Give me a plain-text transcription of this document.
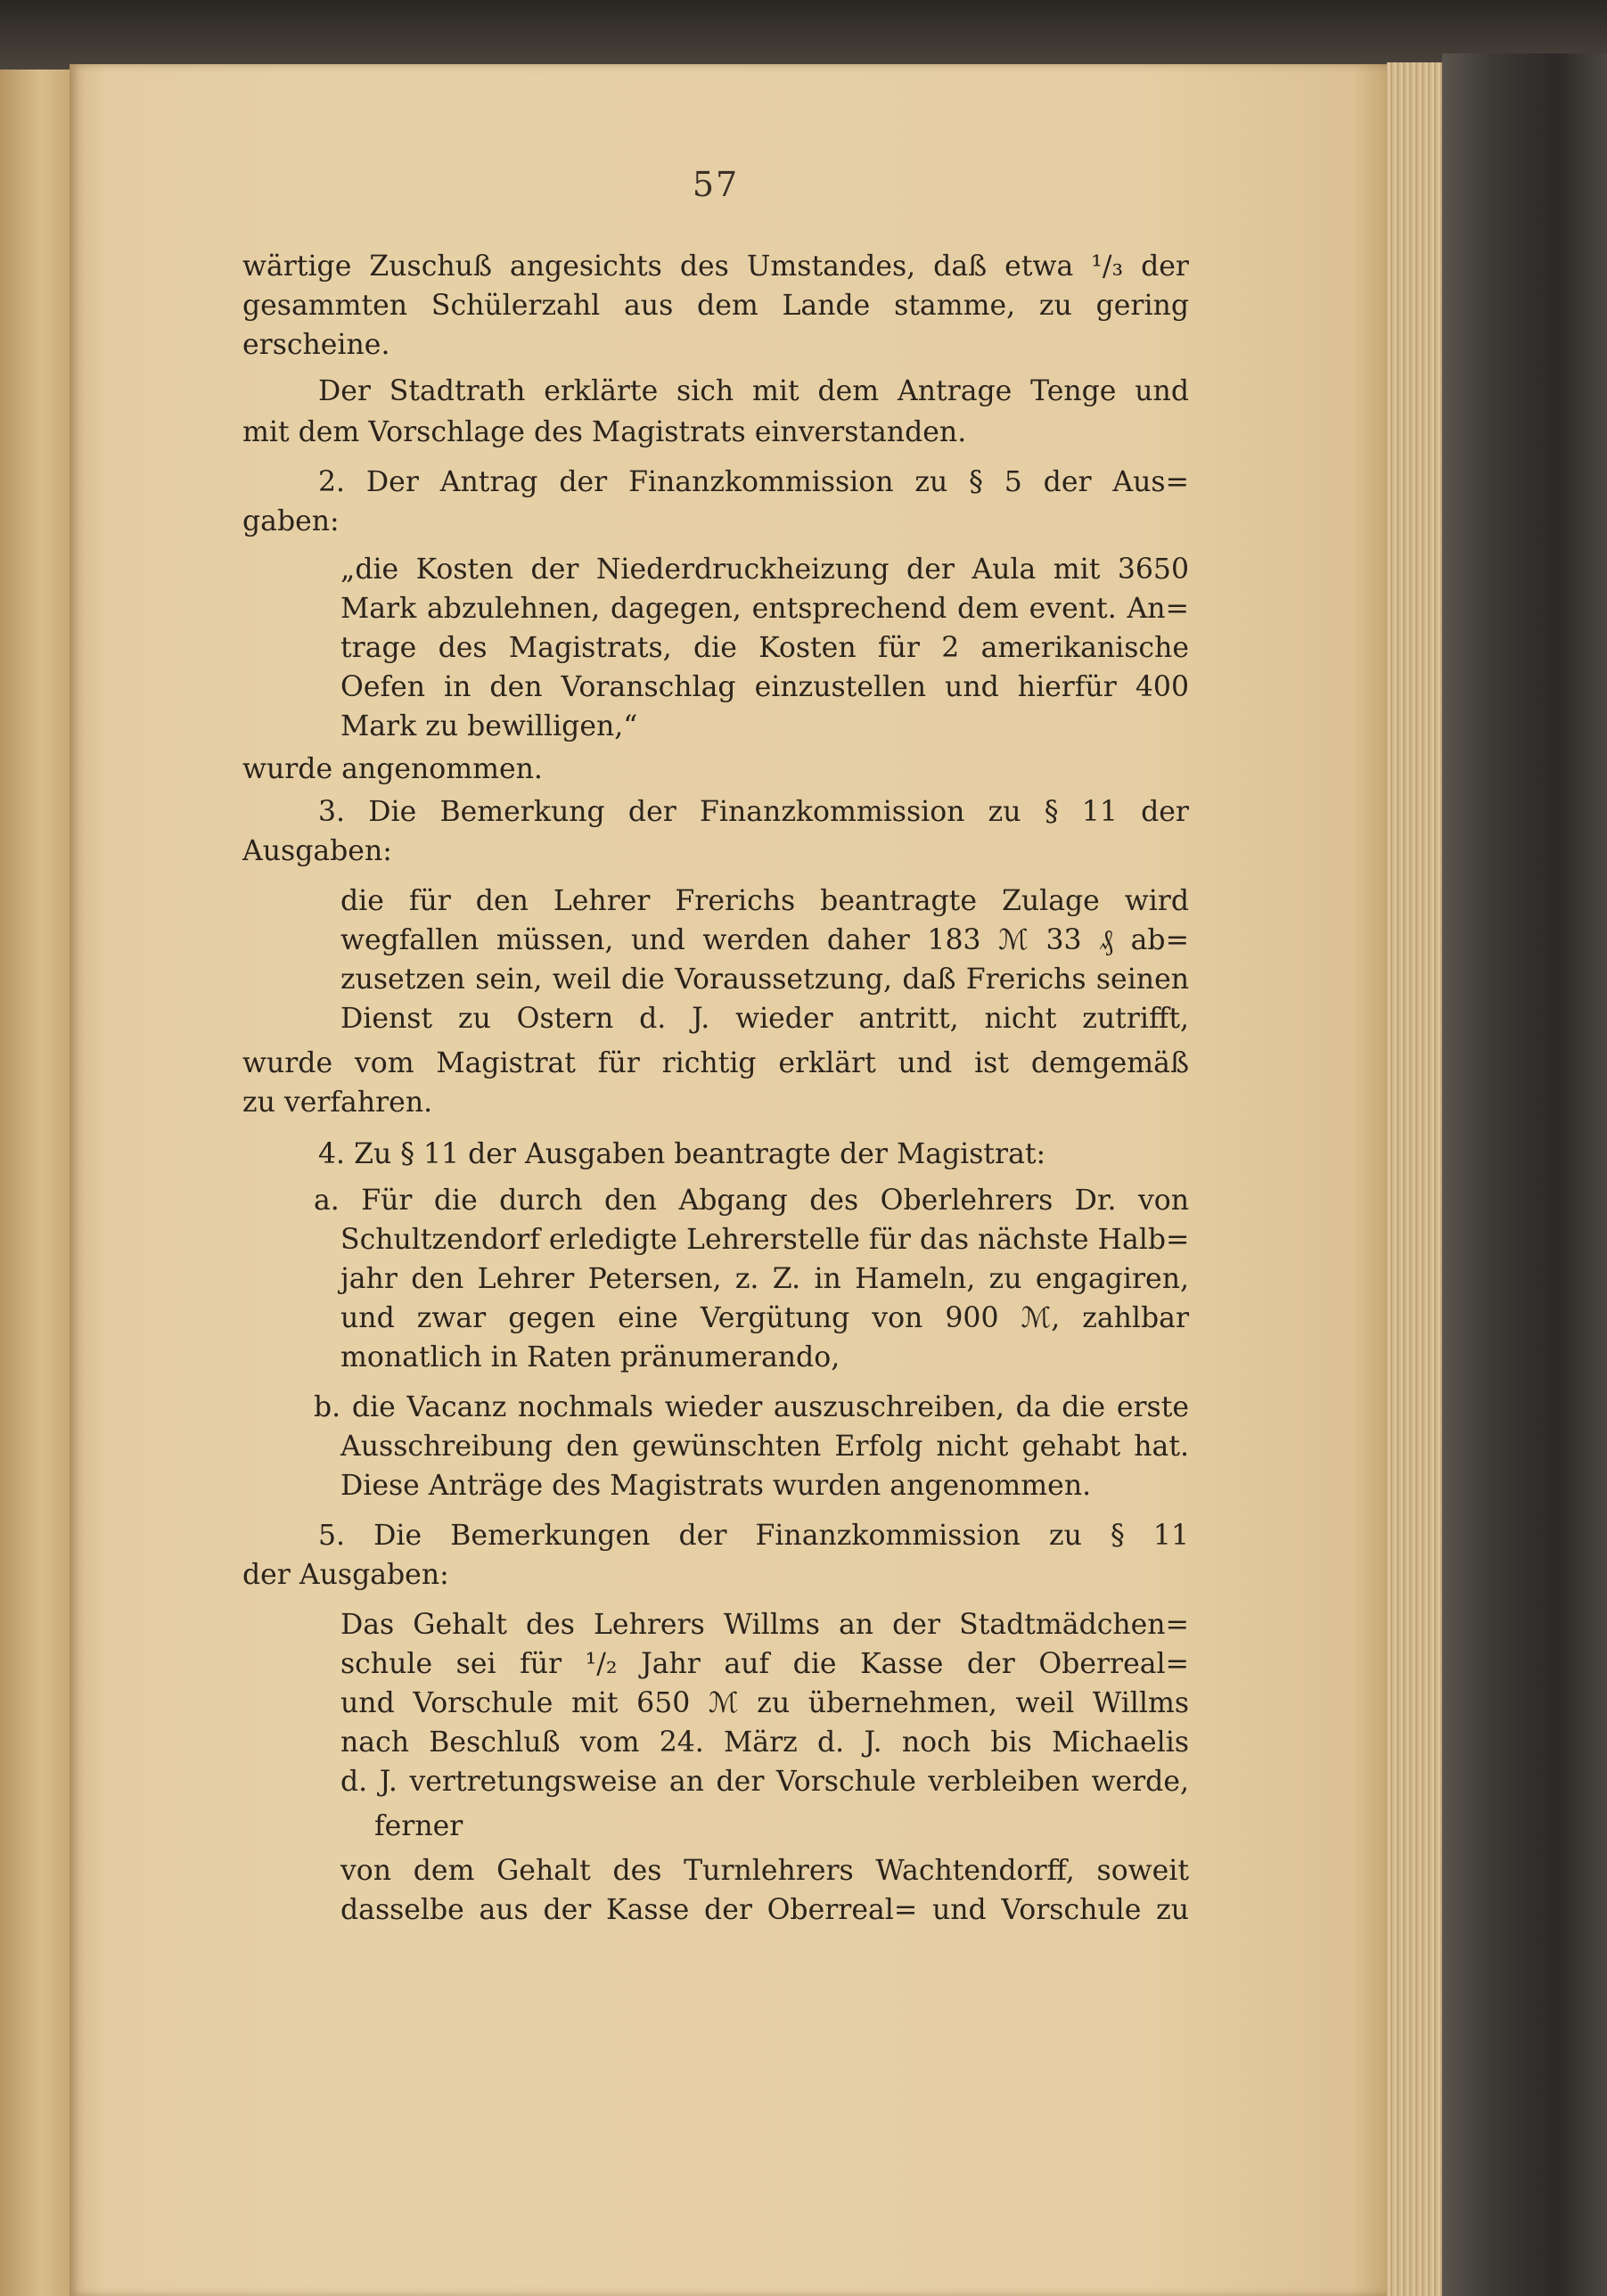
57
wärtige Zuschuß angesichts des Umstandes, daß etwa ¹/₃ der
gesammten Schülerzahl aus dem Lande stamme, zu gering
erscheine.
Der Stadtrath erklärte sich mit dem Antrage Tenge und
mit dem Vorschlage des Magistrats einverstanden.
2. Der Antrag der Finanzkommission zu § 5 der Aus=
gaben:
„die Kosten der Niederdruckheizung der Aula mit 3650
Mark abzulehnen, dagegen, entsprechend dem event. An=
trage des Magistrats, die Kosten für 2 amerikanische
Oefen in den Voranschlag einzustellen und hierfür 400
Mark zu bewilligen,“
wurde angenommen.
3. Die Bemerkung der Finanzkommission zu § 11 der
Ausgaben:
die für den Lehrer Frerichs beantragte Zulage wird
wegfallen müssen, und werden daher 183 ℳ 33 ₰ ab=
zusetzen sein, weil die Voraussetzung, daß Frerichs seinen
Dienst zu Ostern d. J. wieder antritt, nicht zutrifft,
wurde vom Magistrat für richtig erklärt und ist demgemäß
zu verfahren.
4. Zu § 11 der Ausgaben beantragte der Magistrat:
a. Für die durch den Abgang des Oberlehrers Dr. von
Schultzendorf erledigte Lehrerstelle für das nächste Halb=
jahr den Lehrer Petersen, z. Z. in Hameln, zu engagiren,
und zwar gegen eine Vergütung von 900 ℳ, zahlbar
monatlich in Raten pränumerando,
b. die Vacanz nochmals wieder auszuschreiben, da die erste
Ausschreibung den gewünschten Erfolg nicht gehabt hat.
Diese Anträge des Magistrats wurden angenommen.
5. Die Bemerkungen der Finanzkommission zu § 11
der Ausgaben:
Das Gehalt des Lehrers Willms an der Stadtmädchen=
schule sei für ¹/₂ Jahr auf die Kasse der Oberreal=
und Vorschule mit 650 ℳ zu übernehmen, weil Willms
nach Beschluß vom 24. März d. J. noch bis Michaelis
d. J. vertretungsweise an der Vorschule verbleiben werde,
ferner
von dem Gehalt des Turnlehrers Wachtendorff, soweit
dasselbe aus der Kasse der Oberreal= und Vorschule zu
